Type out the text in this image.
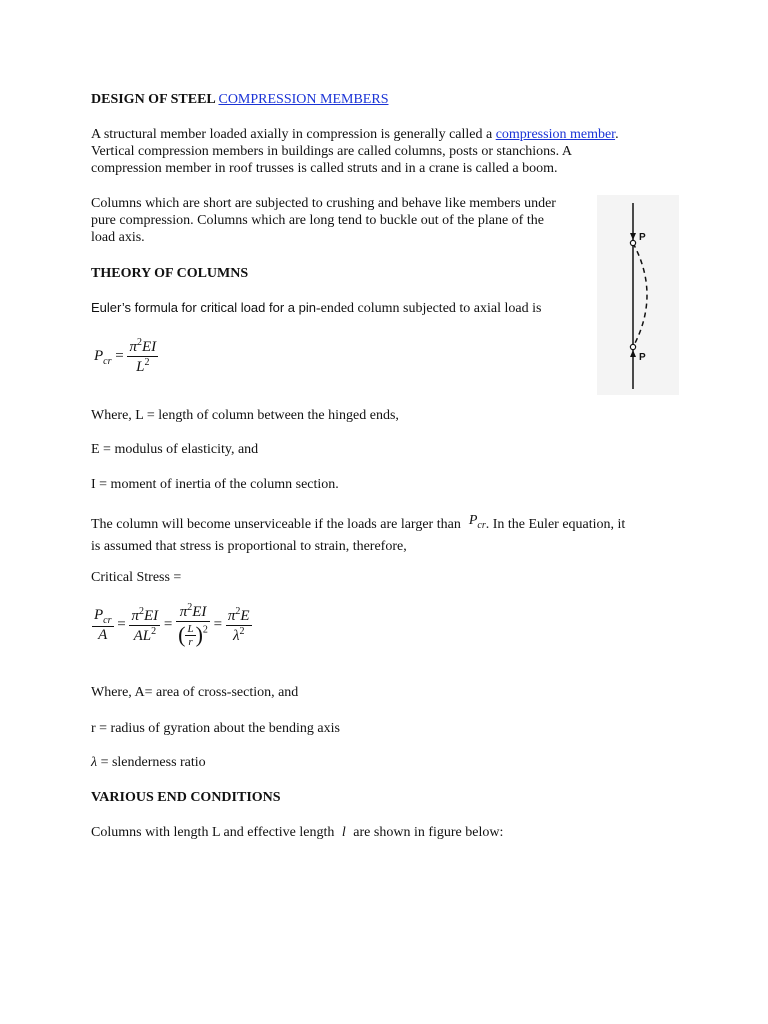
DESIGN OF STEEL COMPRESSION MEMBERS
A structural member loaded axially in compression is generally called a compression member.
Vertical compression members in buildings are called columns, posts or stanchions. A
compression member in roof trusses is called struts and in a crane is called a boom.
Columns which are short are subjected to crushing and behave like members under
pure compression. Columns which are long tend to buckle out of the plane of the
load axis.	P
P
THEORY OF COLUMNS
Euler’s formula for critical load for a pin-ended column subjected to axial load is
$P_{cr} = \frac{\pi^2EI}{L^2}$
Where, L = length of column between the hinged ends,
E = modulus of elasticity, and
I = moment of inertia of the column section.
The column will become unserviceable if the loads are larger than $P_{cr}$. In the Euler equation, it
is assumed that stress is proportional to strain, therefore,
Critical Stress =
$\frac{P_{cr}}{A} = \frac{\pi^2EI}{AL^2} = \frac{\pi^2EI}{( \frac{L}{r} )^2} = \frac{\pi^2E}{\lambda^2}$
Where, A= area of cross-section, and
r = radius of gyration about the bending axis
λ = slenderness ratio
VARIOUS END CONDITIONS
Columns with length L and effective length l are shown in figure below:
